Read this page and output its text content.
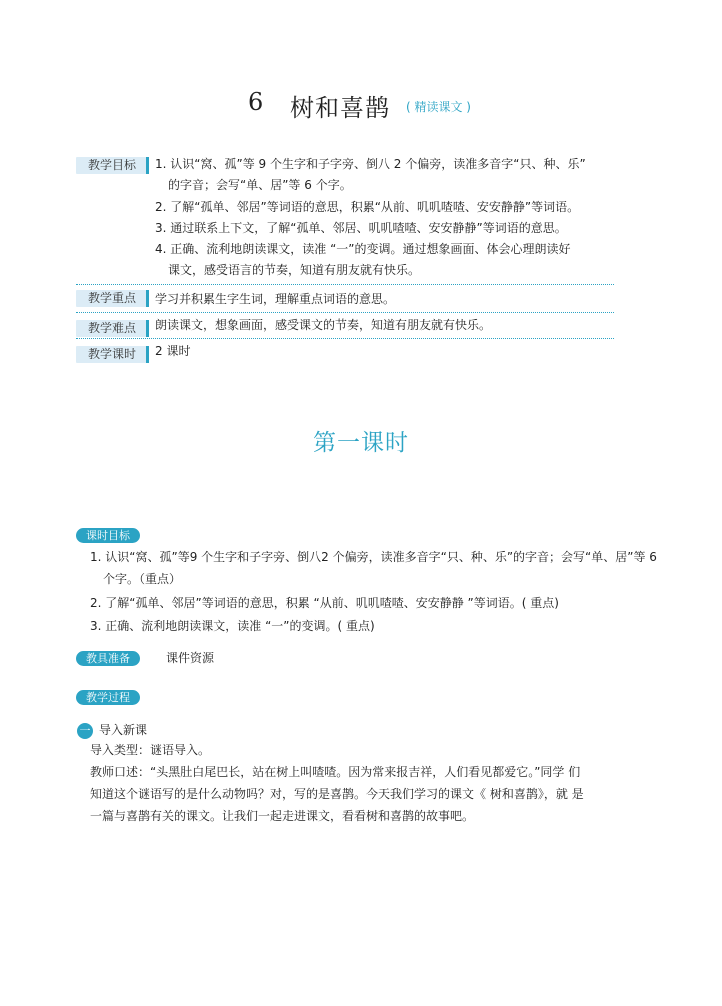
6 树和喜鹊 ( 精读课文 )
教学目标	1. 认识“窝、孤”等 9 个生字和子字旁、倒八 2 个偏旁，读准多音字“只、种、乐”
的字音；会写“单、居”等 6 个字。
2. 了解“孤单、邻居”等词语的意思，积累“从前、叽叽喳喳、安安静静”等词语。
3. 通过联系上下文，了解“孤单、邻居、叽叽喳喳、安安静静”等词语的意思。
4. 正确、流利地朗读课文，读准 “一”的变调。通过想象画面、体会心理朗读好
课文，感受语言的节奏，知道有朋友就有快乐。
教学重点	学习并积累生字生词，理解重点词语的意思。
教学难点	朗读课文，想象画面，感受课文的节奏，知道有朋友就有快乐。
教学课时	2 课时
第一课时
课时目标
1. 认识“窝、孤”等9 个生字和子字旁、倒八2 个偏旁，读准多音字“只、种、乐”的字音；会写“单、居”等 6
个字。（重点）
2. 了解“孤单、邻居”等词语的意思，积累 “从前、叽叽喳喳、安安静静 ”等词语。( 重点)
3. 正确、流利地朗读课文，读准 “一”的变调。( 重点)
教具准备	课件资源
教学过程
一 导入新课
导入类型：谜语导入。
教师口述：“头黑肚白尾巴长，站在树上叫喳喳。因为常来报吉祥，人们看见都爱它。”同学 们
知道这个谜语写的是什么动物吗？对，写的是喜鹊。今天我们学习的课文《 树和喜鹊》，就 是
一篇与喜鹊有关的课文。让我们一起走进课文，看看树和喜鹊的故事吧。
